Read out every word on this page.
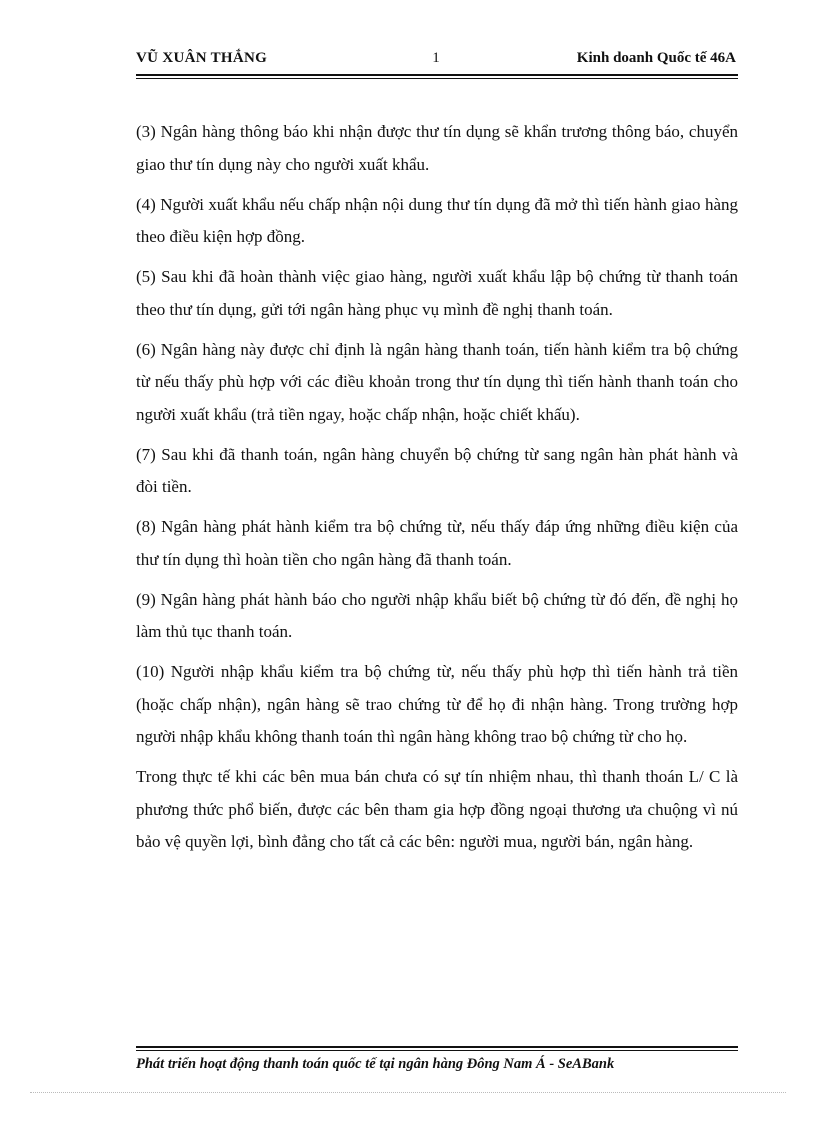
VŨ XUÂN THẮNG	1	Kinh doanh Quốc tế 46A

(3) Ngân hàng thông báo khi nhận được thư tín dụng sẽ khẩn trương thông báo, chuyển giao thư tín dụng này cho người xuất khẩu.

(4) Người xuất khẩu nếu chấp nhận nội dung thư tín dụng đã mở thì tiến hành giao hàng theo điều kiện hợp đồng.

(5) Sau khi đã hoàn thành việc giao hàng, người xuất khẩu lập bộ chứng từ thanh toán theo thư tín dụng, gửi tới ngân hàng phục vụ mình đề nghị thanh toán.

(6) Ngân hàng này được chỉ định là ngân hàng thanh toán, tiến hành kiểm tra bộ chứng từ nếu thấy phù hợp với các điều khoản trong thư tín dụng thì tiến hành thanh toán cho người xuất khẩu (trả tiền ngay, hoặc chấp nhận, hoặc chiết khấu).

(7) Sau khi đã thanh toán, ngân hàng chuyển bộ chứng từ sang ngân hàn phát hành và đòi tiền.

(8) Ngân hàng phát hành kiểm tra bộ chứng từ, nếu thấy đáp ứng những điều kiện của thư tín dụng thì hoàn tiền cho ngân hàng đã thanh toán.

(9) Ngân hàng phát hành báo cho người nhập khẩu biết bộ chứng từ đó đến, đề nghị họ làm thủ tục thanh toán.

(10) Người nhập khẩu kiểm tra bộ chứng từ, nếu thấy phù hợp thì tiến hành trả tiền (hoặc chấp nhận), ngân hàng sẽ trao chứng từ để họ đi nhận hàng. Trong trường hợp người nhập khẩu không thanh toán thì ngân hàng không trao bộ chứng từ cho họ.

Trong thực tế khi các bên mua bán chưa có sự tín nhiệm nhau, thì thanh thoán L/ C là phương thức phổ biến, được các bên tham gia hợp đồng ngoại thương ưa chuộng vì nú bảo vệ quyền lợi, bình đẳng cho tất cả các bên: người mua, người bán, ngân hàng.

Phát triển hoạt động thanh toán quốc tế tại ngân hàng Đông Nam Á - SeABank
